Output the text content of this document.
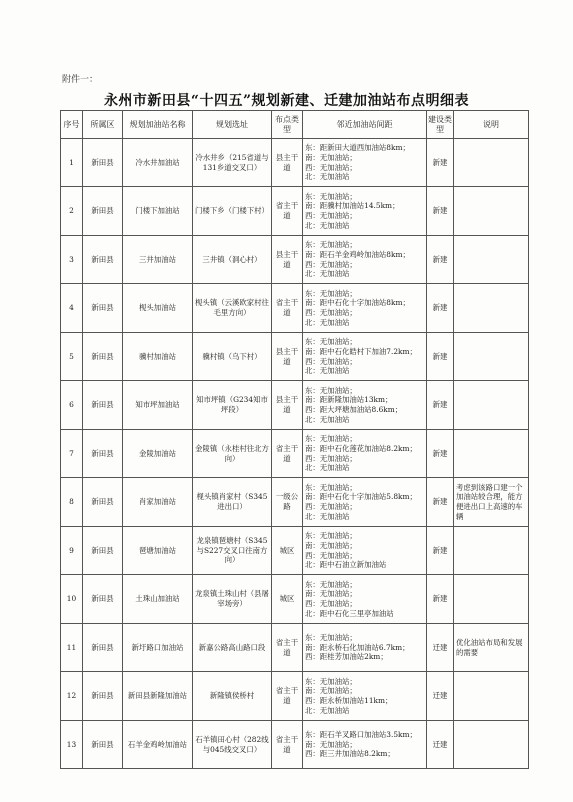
附件一：
永州市新田县“十四五”规划新建、迁建加油站布点明细表
序号	所属区	规划加油站名称	规划选址	布点类型	邻近加油站间距	建设类型	说明
1	新田县	冷水井加油站	冷水井乡（215省道与131乡道交叉口）	县主干道	东：距新田大道西加油站8km；
南：无加油站；
西：无加油站；
北：无加油站	新建	
2	新田县	门楼下加油站	门楼下乡（门楼下村）	省主干道	东：无加油站；
南：距骥村加油站14.5km；
西：无加油站；
北：无加油站	新建	
3	新田县	三井加油站	三井镇（洞心村）	县主干道	东：无加油站；
南：距石羊金鸡岭加油站8km；
西：无加油站；
北：无加油站	新建	
4	新田县	枧头加油站	枧头镇（云溪欧家村往毛里方向）	省主干道	东：无加油站；
南：距中石化十字加油站8km；
西：无加油站；
北：无加油站	新建	
5	新田县	骥村加油站	骥村镇（乌下村）	县主干道	东：无加油站；
南：距中石化皓村下加油7.2km；
西：无加油站；
北：无加油站	新建	
6	新田县	知市坪加油站	知市坪镇（G234知市坪段）	县主干道	东：无加油站；
南：距新隆加油站13km；
西：距大坪塘加油站8.6km；
北：无加油站	新建	
7	新田县	金陵加油站	金陵镇（永桂村往北方向）	省主干道	东：无加油站；
南：距中石化莲花加油站8.2km；
西：无加油站；
北：无加油站	新建	
8	新田县	肖家加油站	枧头镇肖家村（S345进出口）	一级公路	东：无加油站；
南：距中石化十字加油站5.8km；西：无加油站；
北：无加油站	新建	考虑到该路口建一个加油站较合理，能方便进出口上高速的车辆
9	新田县	琶塘加油站	龙泉镇琶塘村（S345与S227交叉口往南方向）	城区	东：无加油站；
南：无加油站；
西：无加油站；
北：距中石油立新加油站	新建	
10	新田县	土珠山加油站	龙泉镇土珠山村（县屠宰场旁）	城区	东：无加油站；
南：无加油站；
西：无加油站；
北：距中石化三里亭加油站	新建	
11	新田县	新圩路口加油站	新嘉公路高山路口段	省主干道	东：无加油站；
南：距永桥石化加油站6.7km；
西：距桂芳加油站2km；	迁建	优化油站布局和发展的需要
12	新田县	新田县新隆加油站	新隆镇侯桥村	省主干道	东：无加油站；
南：无加油站；
西：距永桥加油站11km；
北：无加油站	迁建	
13	新田县	石羊金鸡岭加油站	石羊镇田心村（282线与045线交叉口）	省主干道	东：距石羊叉路口加油站3.5km；
南：无加油站；
西：距三井加油站8.2km；	迁建	
